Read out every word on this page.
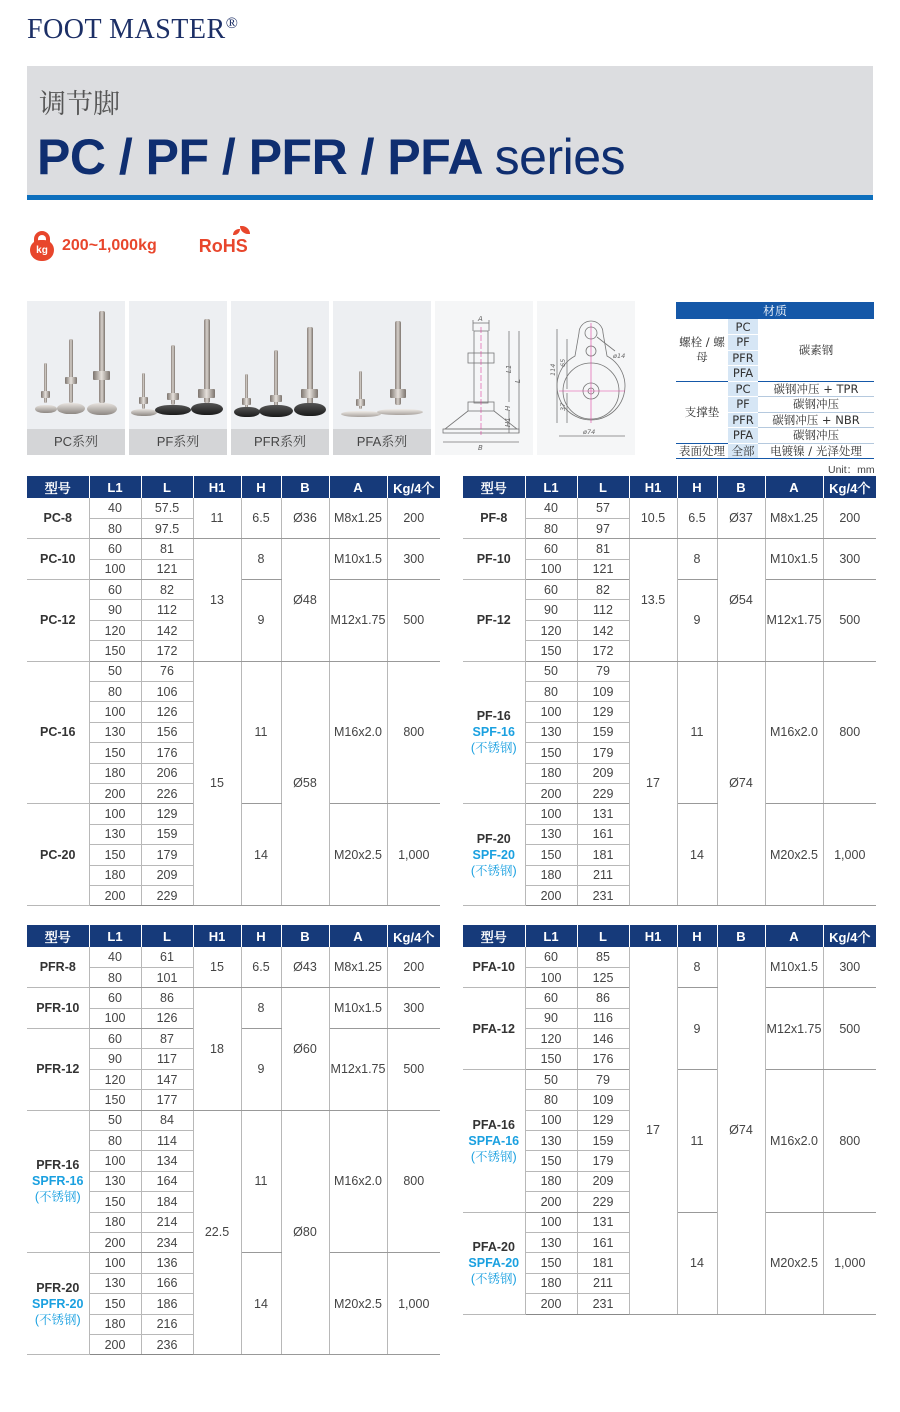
FOOT MASTER®
调节脚
PC / PF / PFR / PFA series
kg 200~1,000kg RoHS
PC系列	PF系列	PFR系列	PFA系列
A
L1
L
H
H1
B
114
65
37
ø14
ø74
材质		
螺栓 / 螺母	PC	碳素钢
	PF	
	PFR	
	PFA	
支撑垫	PC	碳钢冲压 + TPR
	PF	碳钢冲压
	PFR	碳钢冲压 + NBR
	PFA	碳钢冲压
表面处理	全部	电镀镍 / 光泽处理
Unit：mm
型号	L1	L	H1	H	B	A	Kg/4个

PC-8	40	57.5	11	6.5	Ø36	M8x1.25	200
	80	97.5					

PC-10	60	81	13	8	Ø48	M10x1.5	300
	100	121					

PC-12	60	82		9		M12x1.75	500
	90	112					
	120	142					
	150	172					

PC-16	50	76	15	11	Ø58	M16x2.0	800
	80	106					
	100	126					
	130	156					
	150	176					
	180	206					
	200	226					

PC-20	100	129		14		M20x2.5	1,000
	130	159					
	150	179					
	180	209					
	200	229					
型号	L1	L	H1	H	B	A	Kg/4个

PF-8	40	57	10.5	6.5	Ø37	M8x1.25	200
	80	97					

PF-10	60	81	13.5	8	Ø54	M10x1.5	300
	100	121					

PF-12	60	82		9		M12x1.75	500
	90	112					
	120	142					
	150	172					

PF-16
SPF-16
(不锈钢)	50	79	17	11	Ø74	M16x2.0	800
	80	109					
	100	129					
	130	159					
	150	179					
	180	209					
	200	229					

PF-20
SPF-20
(不锈钢)	100	131		14		M20x2.5	1,000
	130	161					
	150	181					
	180	211					
	200	231					
型号	L1	L	H1	H	B	A	Kg/4个

PFR-8	40	61	15	6.5	Ø43	M8x1.25	200
	80	101					

PFR-10	60	86	18	8	Ø60	M10x1.5	300
	100	126					

PFR-12	60	87		9		M12x1.75	500
	90	117					
	120	147					
	150	177					

PFR-16
SPFR-16
(不锈钢)	50	84	22.5	11	Ø80	M16x2.0	800
	80	114					
	100	134					
	130	164					
	150	184					
	180	214					
	200	234					

PFR-20
SPFR-20
(不锈钢)	100	136		14		M20x2.5	1,000
	130	166					
	150	186					
	180	216					
	200	236					
型号	L1	L	H1	H	B	A	Kg/4个

PFA-10	60	85	17	8	Ø74	M10x1.5	300
	100	125					

PFA-12	60	86		9		M12x1.75	500
	90	116					
	120	146					
	150	176					

PFA-16
SPFA-16
(不锈钢)	50	79		11		M16x2.0	800
	80	109					
	100	129					
	130	159					
	150	179					
	180	209					
	200	229					

PFA-20
SPFA-20
(不锈钢)	100	131		14		M20x2.5	1,000
	130	161					
	150	181					
	180	211					
	200	231					
